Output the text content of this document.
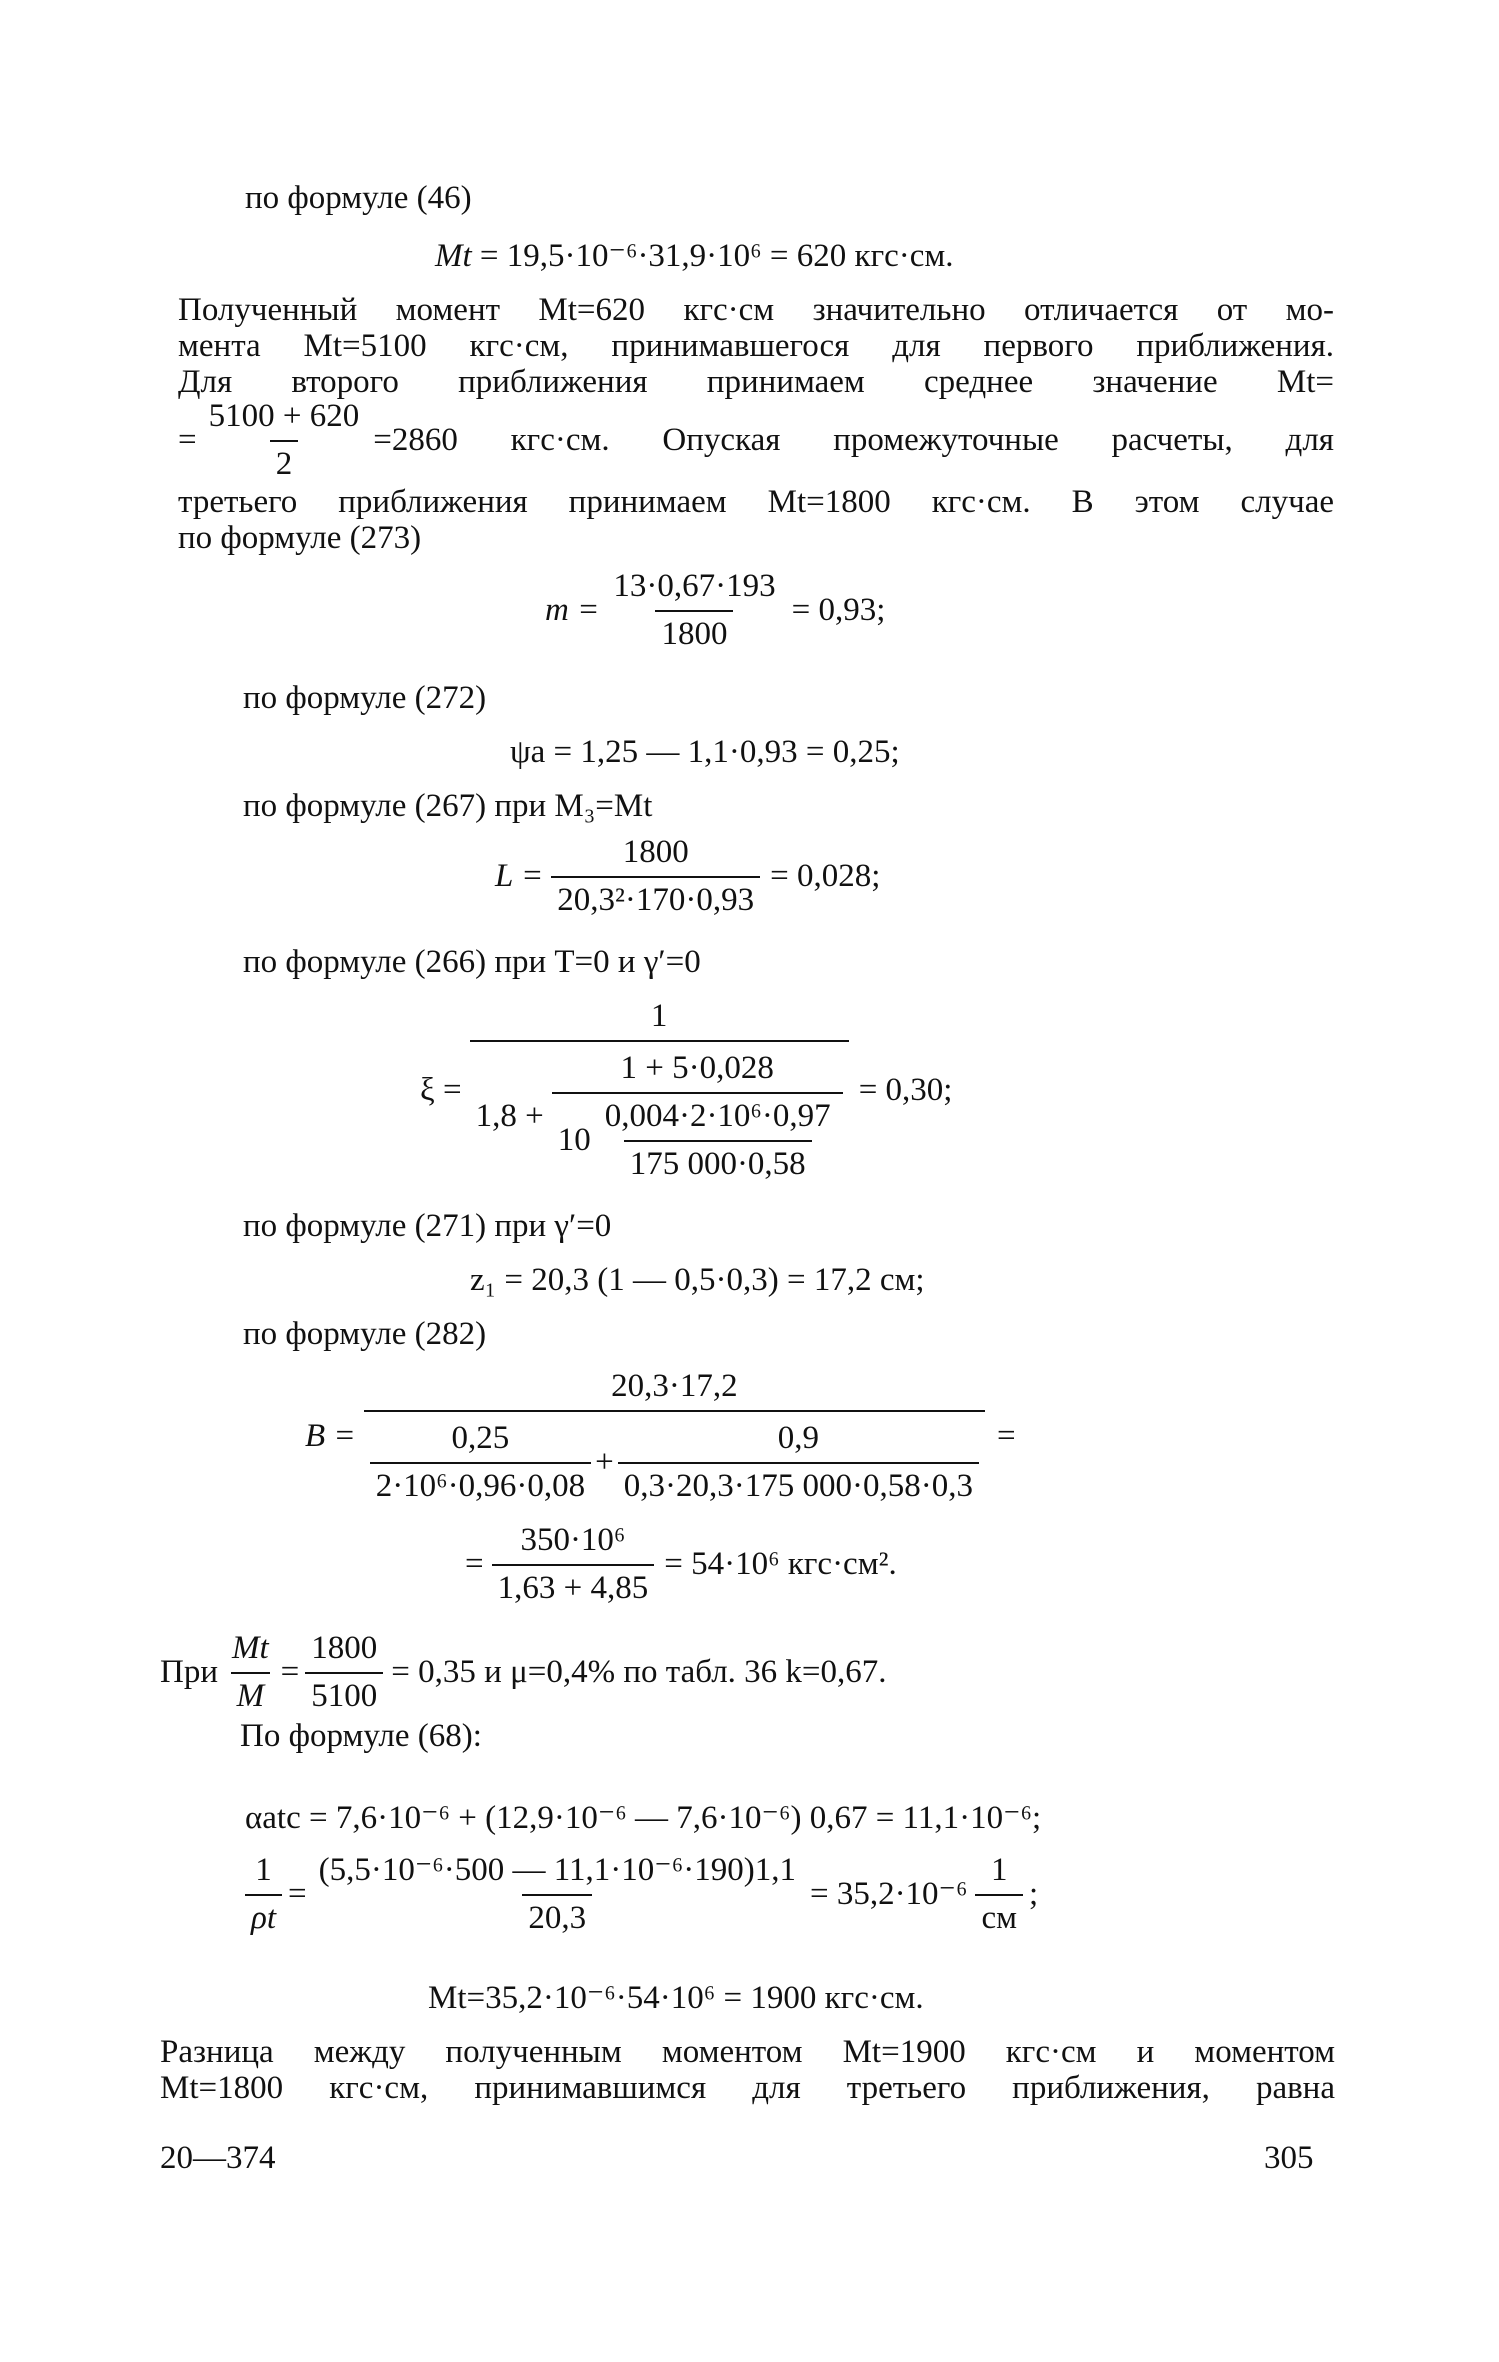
по формуле (46)
Mt = 19,5·10⁻⁶·31,9·10⁶ = 620 кгс·см.
Полученный момент Mt=620 кгс·см значительно отличается от мо-
мента Mt=5100 кгс·см, принимавшегося для первого приближения.
Для второго приближения принимаем среднее значение Mt=
= $\frac{5100 + 620}{2} =2860$ кгс·см. Опуская промежуточные расчеты, для
третьего приближения принимаем Mt=1800 кгс·см. В этом случае
по формуле (273)
$m = \frac{13\cdot 0,67\cdot 193}{1800} = 0,93$;
по формуле (272)
ψa = 1,25 — 1,1·0,93 = 0,25;
по формуле (267) при M₃=Mt
$L = \frac{1800}{\text{20,3²·170·0,93}} = 0,028$;
по формуле (266) при T=0 и γ′=0
ξ =
1
1,8 +
1 + 5·0,028
$10 \frac{\text{0,004·2·10⁶·0,97}}{175 000\cdot 0,58}$
= 0,30;
по формуле (271) при γ′=0
z₁ = 20,3 (1 — 0,5·0,3) = 17,2 см;
по формуле (282)
B =
20,3·17,2
$\frac{0,25}{\text{2·10⁶·0,96·0,08}} + \frac{0,9}{0,3\cdot 20,3\cdot 175 000\cdot 0,58\cdot 0,3}$ =
= $\frac{\text{350·10⁶}}{1,63 + 4,85} = 54\cdot 10^6$ кгс·см².
При $\frac{Mt}{M} = \frac{1800}{5100} = 0,35$ и μ=0,4% по табл. 36 k=0,67.
По формуле (68):
αatc = 7,6·10⁻⁶ + (12,9·10⁻⁶ — 7,6·10⁻⁶) 0,67 = 11,1·10⁻⁶;
$\frac{1}{\rho t} = \frac{\text{(5,5·10⁻⁶·500 — 11,1·10⁻⁶·190)1,1}}{20,3} = 35,2\cdot 10^{-6} \frac{1}{см}$ ;
Mt=35,2·10⁻⁶·54·10⁶ = 1900 кгс·см.
Разница между полученным моментом Mt=1900 кгс·см и моментом
Mt=1800 кгс·см, принимавшимся для третьего приближения, равна
20—374	305
